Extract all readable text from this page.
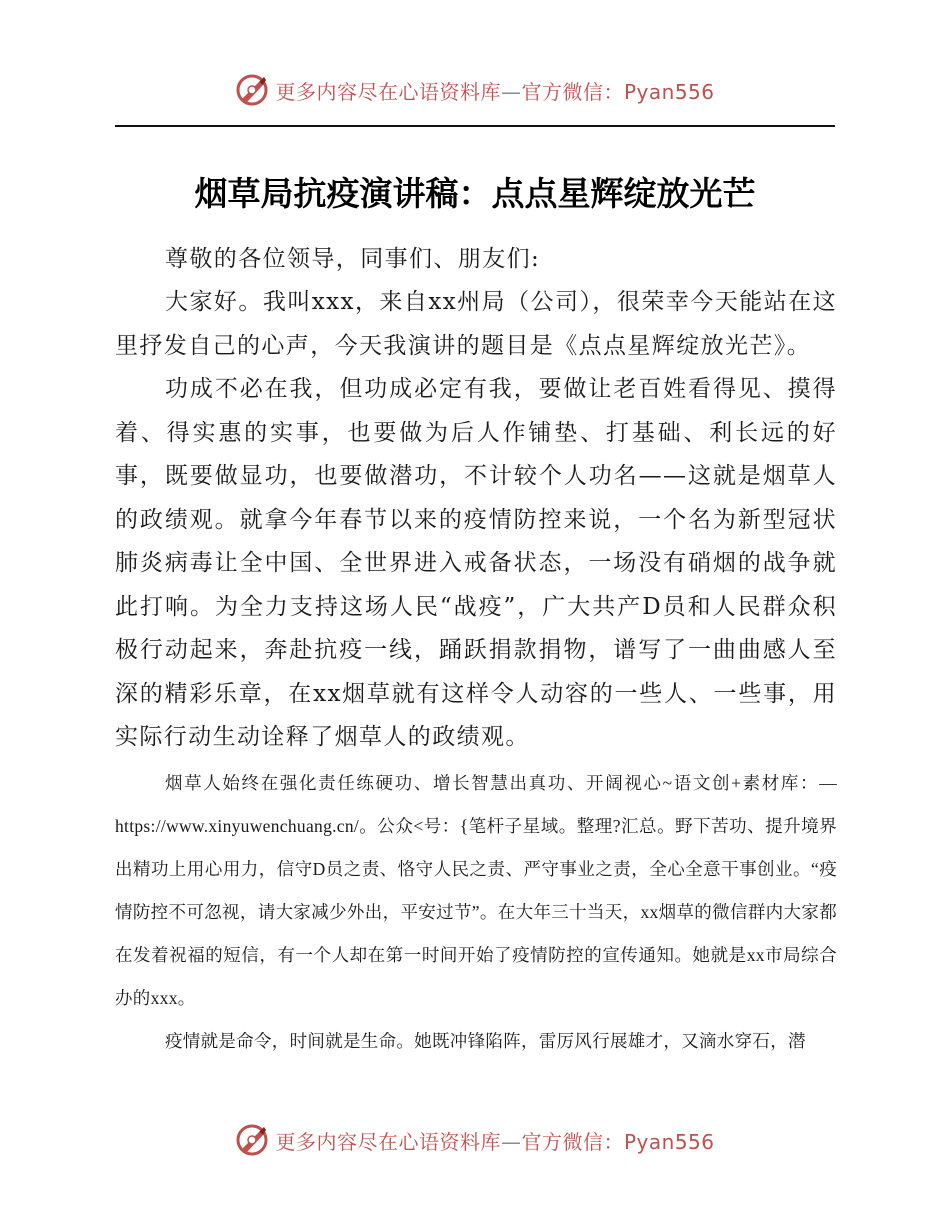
更多内容尽在心语资料库—官方微信：Pyan556
烟草局抗疫演讲稿：点点星辉绽放光芒
尊敬的各位领导，同事们、朋友们:
大家好。我叫xxx，来自xx州局（公司），很荣幸今天能站在这里抒发自己的心声，今天我演讲的题目是《点点星辉绽放光芒》。
功成不必在我，但功成必定有我，要做让老百姓看得见、摸得着、得实惠的实事，也要做为后人作铺垫、打基础、利长远的好事，既要做显功，也要做潜功，不计较个人功名——这就是烟草人的政绩观。就拿今年春节以来的疫情防控来说，一个名为新型冠状肺炎病毒让全中国、全世界进入戒备状态，一场没有硝烟的战争就此打响。为全力支持这场人民“战疫”，广大共产D员和人民群众积极行动起来，奔赴抗疫一线，踊跃捐款捐物，谱写了一曲曲感人至深的精彩乐章，在xx烟草就有这样令人动容的一些人、一些事，用实际行动生动诠释了烟草人的政绩观。
烟草人始终在强化责任练硬功、增长智慧出真功、开阔视心~语文创+素材库：—https://www.xinyuwenchuang.cn/。公众<号：{笔杆子星域。整理?汇总。野下苦功、提升境界出精功上用心用力，信守D员之责、恪守人民之责、严守事业之责，全心全意干事创业。“疫情防控不可忽视，请大家减少外出，平安过节”。在大年三十当天，xx烟草的微信群内大家都在发着祝福的短信，有一个人却在第一时间开始了疫情防控的宣传通知。她就是xx市局综合办的xxx。
疫情就是命令，时间就是生命。她既冲锋陷阵，雷厉风行展雄才，又滴水穿石，潜
更多内容尽在心语资料库—官方微信：Pyan556
